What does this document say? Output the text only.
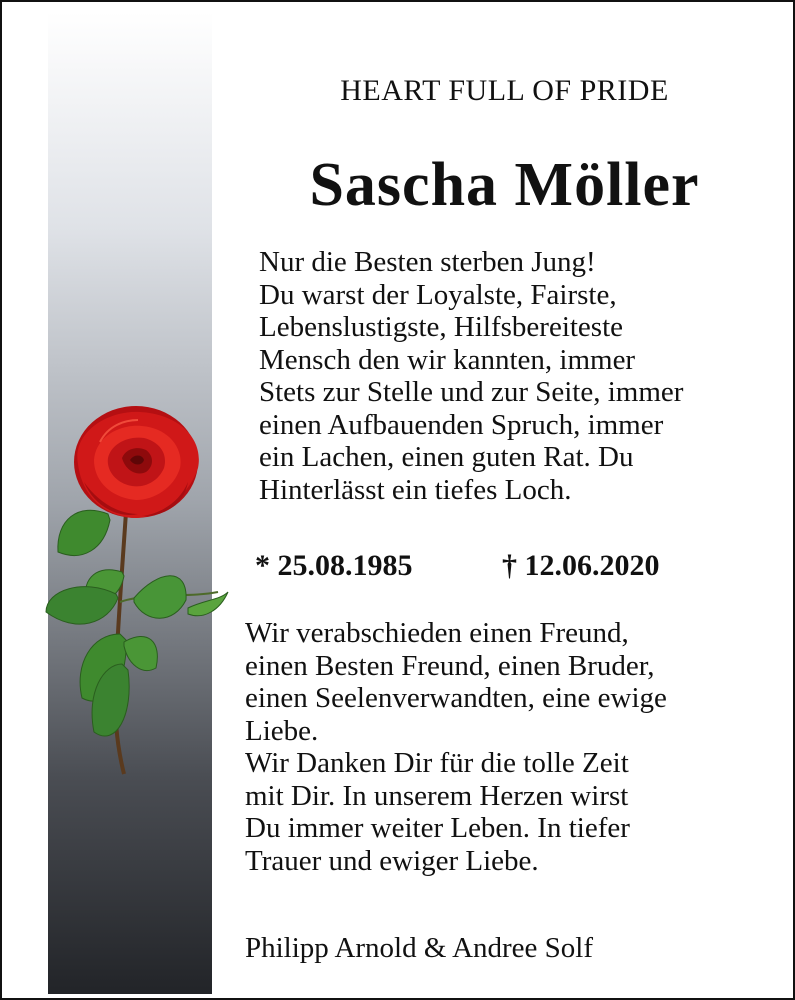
HEART FULL OF PRIDE
Sascha Möller
Nur die Besten sterben Jung!
Du warst der Loyalste, Fairste,
Lebenslustigste, Hilfsbereiteste
Mensch den wir kannten, immer
Stets zur Stelle und zur Seite, immer
einen Aufbauenden Spruch, immer
ein Lachen, einen guten Rat. Du
Hinterlässt ein tiefes Loch.
* 25.08.1985	† 12.06.2020
Wir verabschieden einen Freund,
einen Besten Freund, einen Bruder,
einen Seelenverwandten, eine ewige
Liebe.
Wir Danken Dir für die tolle Zeit
mit Dir. In unserem Herzen wirst
Du immer weiter Leben. In tiefer
Trauer und ewiger Liebe.
Philipp Arnold & Andree Solf
